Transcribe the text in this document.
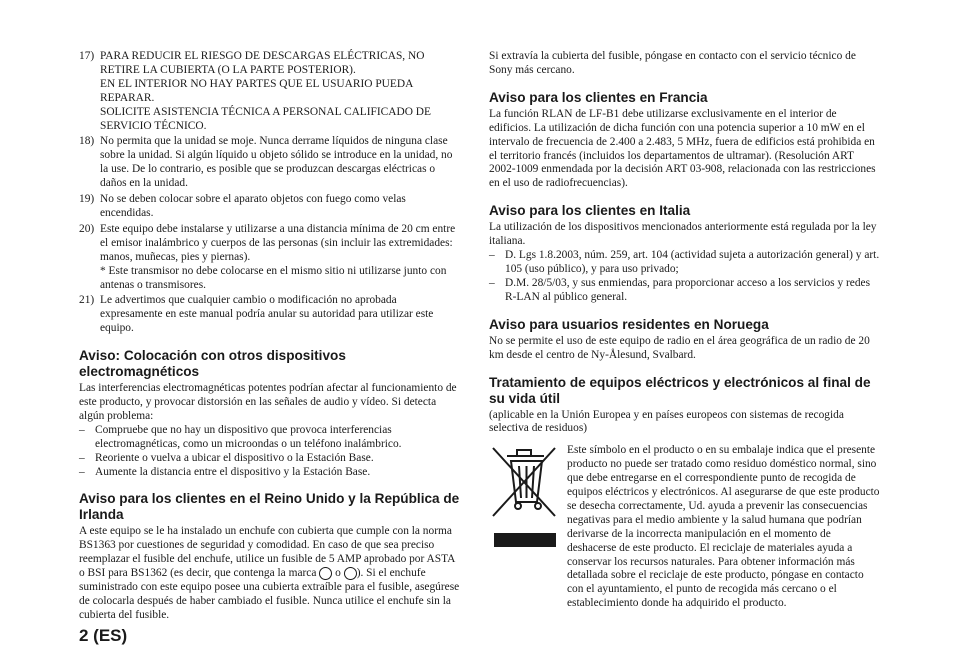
17) PARA REDUCIR EL RIESGO DE DESCARGAS ELÉCTRICAS, NO RETIRE LA CUBIERTA (O LA PARTE POSTERIOR).

EN EL INTERIOR NO HAY PARTES QUE EL USUARIO PUEDA REPARAR.

SOLICITE ASISTENCIA TÉCNICA A PERSONAL CALIFICADO DE SERVICIO TÉCNICO.

18) No permita que la unidad se moje. Nunca derrame líquidos de ninguna clase sobre la unidad. Si algún líquido u objeto sólido se introduce en la unidad, no la use. De lo contrario, es posible que se produzcan descargas eléctricas o daños en la unidad.

19) No se deben colocar sobre el aparato objetos con fuego como velas encendidas.

20) Este equipo debe instalarse y utilizarse a una distancia mínima de 20 cm entre el emisor inalámbrico y cuerpos de las personas (sin incluir las extremidades: manos, muñecas, pies y piernas).

* Este transmisor no debe colocarse en el mismo sitio ni utilizarse junto con antenas o transmisores.

21) Le advertimos que cualquier cambio o modificación no aprobada expresamente en este manual podría anular su autoridad para utilizar este equipo.

Aviso: Colocación con otros dispositivos electromagnéticos

Las interferencias electromagnéticas potentes podrían afectar al funcionamiento de este producto, y provocar distorsión en las señales de audio y vídeo. Si detecta algún problema:

– Compruebe que no hay un dispositivo que provoca interferencias electromagnéticas, como un microondas o un teléfono inalámbrico.
– Reoriente o vuelva a ubicar el dispositivo o la Estación Base.
– Aumente la distancia entre el dispositivo y la Estación Base.
Aviso para los clientes en el Reino Unido y la República de Irlanda

A este equipo se le ha instalado un enchufe con cubierta que cumple con la norma BS1363 por cuestiones de seguridad y comodidad. En caso de que sea preciso reemplazar el fusible del enchufe, utilice un fusible de 5 AMP aprobado por ASTA o BSI para BS1362 (es decir, que contenga la marca o ). Si el enchufe suministrado con este equipo posee una cubierta extraíble para el fusible, asegúrese de colocarla después de haber cambiado el fusible. Nunca utilice el enchufe sin la cubierta del fusible.

Si extravía la cubierta del fusible, póngase en contacto con el servicio técnico de Sony más cercano.

Aviso para los clientes en Francia

La función RLAN de LF-B1 debe utilizarse exclusivamente en el interior de edificios. La utilización de dicha función con una potencia superior a 10 mW en el intervalo de frecuencia de 2.400 a 2.483, 5 MHz, fuera de edificios está prohibida en el territorio francés (incluidos los departamentos de ultramar). (Resolución ART 2002-1009 enmendada por la decisión ART 03-908, relacionada con las restricciones en el uso de radiofrecuencias).

Aviso para los clientes en Italia

La utilización de los dispositivos mencionados anteriormente está regulada por la ley italiana.

– D. Lgs 1.8.2003, núm. 259, art. 104 (actividad sujeta a autorización general) y art. 105 (uso público), y para uso privado;
– D.M. 28/5/03, y sus enmiendas, para proporcionar acceso a los servicios y redes R-LAN al público general.
Aviso para usuarios residentes en Noruega

No se permite el uso de este equipo de radio en el área geográfica de un radio de 20 km desde el centro de Ny-Ålesund, Svalbard.

Tratamiento de equipos eléctricos y electrónicos al final de su vida útil

(aplicable en la Unión Europea y en países europeos con sistemas de recogida selectiva de residuos)

Este símbolo en el producto o en su embalaje indica que el presente producto no puede ser tratado como residuo doméstico normal, sino que debe entregarse en el correspondiente punto de recogida de equipos eléctricos y electrónicos. Al asegurarse de que este producto se desecha correctamente, Ud. ayuda a prevenir las consecuencias negativas para el medio ambiente y la salud humana que podrían derivarse de la incorrecta manipulación en el momento de deshacerse de este producto. El reciclaje de materiales ayuda a conservar los recursos naturales. Para obtener información más detallada sobre el reciclaje de este producto, póngase en contacto con el ayuntamiento, el punto de recogida más cercano o el establecimiento donde ha adquirido el producto.

2 (ES)
